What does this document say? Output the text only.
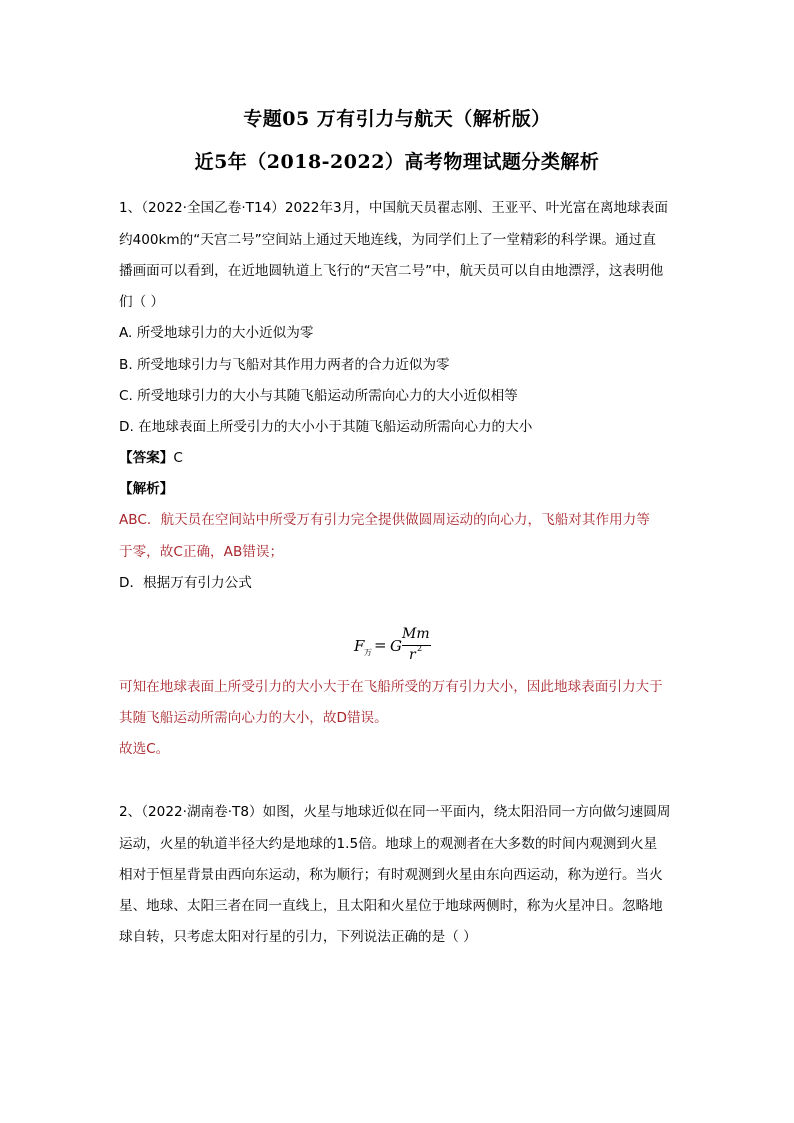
专题05 万有引力与航天（解析版）
近5年（2018-2022）高考物理试题分类解析
1、（2022·全国乙卷·T14）2022年3月，中国航天员翟志刚、王亚平、叶光富在离地球表面
约400km的“天宫二号”空间站上通过天地连线，为同学们上了一堂精彩的科学课。通过直
播画面可以看到，在近地圆轨道上飞行的“天宫二号”中，航天员可以自由地漂浮，这表明他
们（ ）
A. 所受地球引力的大小近似为零
B. 所受地球引力与飞船对其作用力两者的合力近似为零
C. 所受地球引力的大小与其随飞船运动所需向心力的大小近似相等
D. 在地球表面上所受引力的大小小于其随飞船运动所需向心力的大小
【答案】C
【解析】
ABC．航天员在空间站中所受万有引力完全提供做圆周运动的向心力，飞船对其作用力等
于零，故C正确，AB错误；
D．根据万有引力公式
F 万 = G
Mm
r 2
可知在地球表面上所受引力的大小大于在飞船所受的万有引力大小，因此地球表面引力大于
其随飞船运动所需向心力的大小，故D错误。
故选C。
2、（2022·湖南卷·T8）如图，火星与地球近似在同一平面内，绕太阳沿同一方向做匀速圆周
运动，火星的轨道半径大约是地球的1.5倍。地球上的观测者在大多数的时间内观测到火星
相对于恒星背景由西向东运动，称为顺行；有时观测到火星由东向西运动，称为逆行。当火
星、地球、太阳三者在同一直线上，且太阳和火星位于地球两侧时，称为火星冲日。忽略地
球自转，只考虑太阳对行星的引力，下列说法正确的是（ ）
